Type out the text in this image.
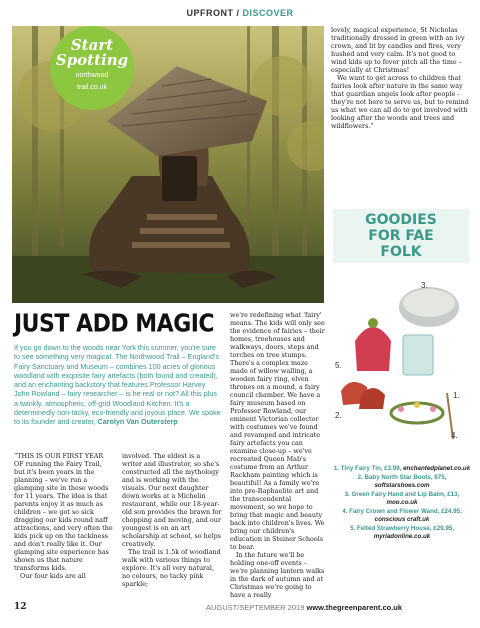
UPFRONT / DISCOVER
Start
Spotting
northwood
trail.co.uk

lovely, magical experience, St Nicholas traditionally dressed in green with an ivy crown, and lit by candles and fires, very hushed and very calm. It's not good to wind kids up to fever pitch all the time – especially at Christmas!

We want to get across to children that fairies look after nature in the same way that guardian angels look after people - they're not here to serve us, but to remind us what we can all do to get involved with looking after the woods and trees and wildflowers.”

GOODIES
FOR FAE
FOLK
3.
5.
1.
2.
4.
1. Tiny Fairy Tin, £3.99, enchantedplanet.co.uk
2. Baby North Star Boots, $75, softstarshoes.com
3. Green Fairy Hand and Lip Balm, £13, moo.co.uk
4. Fairy Crown and Flower Wand, £24.95, conscious craft.uk
5. Felted Strawberry House, £29.95, myriadonline.co.uk
JUST ADD MAGIC
If you go down to the woods near York this summer, you're sure to see something very magical. The Northwood Trail – England's Fairy Sanctuary and Museum – combines 100 acres of glorious woodland with exquisite fairy artefacts (both found and created), and an enchanting backstory that features Professor Harvey John Rowland – fairy researcher – is he real or not? All this plus a twinkly, atmospheric, off-grid Woodland Kitchen. It's a determinedly non-tacky, eco-friendly and joyous place. We spoke to its founder and creator, Carolyn Van Outersterp

“THIS IS OUR FIRST YEAR OF running the Fairy Trail, but it's been years in the planning – we've run a glamping site in these woods for 11 years. The idea is that parents enjoy it as much as children – we got so sick dragging our kids round naff attractions, and very often the kids pick up on the tackiness and don't really like it. Our glamping site experience has shown us that nature transforms kids.

Our four kids are all

involved. The eldest is a writer and illustrator, so she's constructed all the mythology and is working with the visuals. Our next daughter down works at a Michelin restaurant, while our 18-year-old son provides the brawn for chopping and moving, and our youngest is on an art scholarship at school, so helps creatively.

The trail is 1.5k of woodland walk with various things to explore. It's all very natural, no colours, no tacky pink sparkle;

we're redefining what 'fairy' means. The kids will only see the evidence of fairies – their homes, treehouses and walkways, doors, steps and torches on tree stumps. There's a complex maze made of willow walling, a wooden fairy ring, elven thrones on a mound, a fairy council chamber. We have a fairy museum based on Professor Rowland, our eminent Victorian collector with costumes we've found and revamped and intricate fairy artefacts you can examine close-up – we've recreated Queen Mab's costume from an Arthur Rackham painting which is beautiful! As a family we're into pre-Raphaelite art and the transcendental movement, so we hope to bring that magic and beauty back into children's lives. We bring our children's education in Steiner Schools to bear.

In the future we'll be holding one-off events – we're planning lantern walks in the dark of autumn and at Christmas we're going to have a really

12	AUGUST/SEPTEMBER 2019 www.thegreenparent.co.uk
